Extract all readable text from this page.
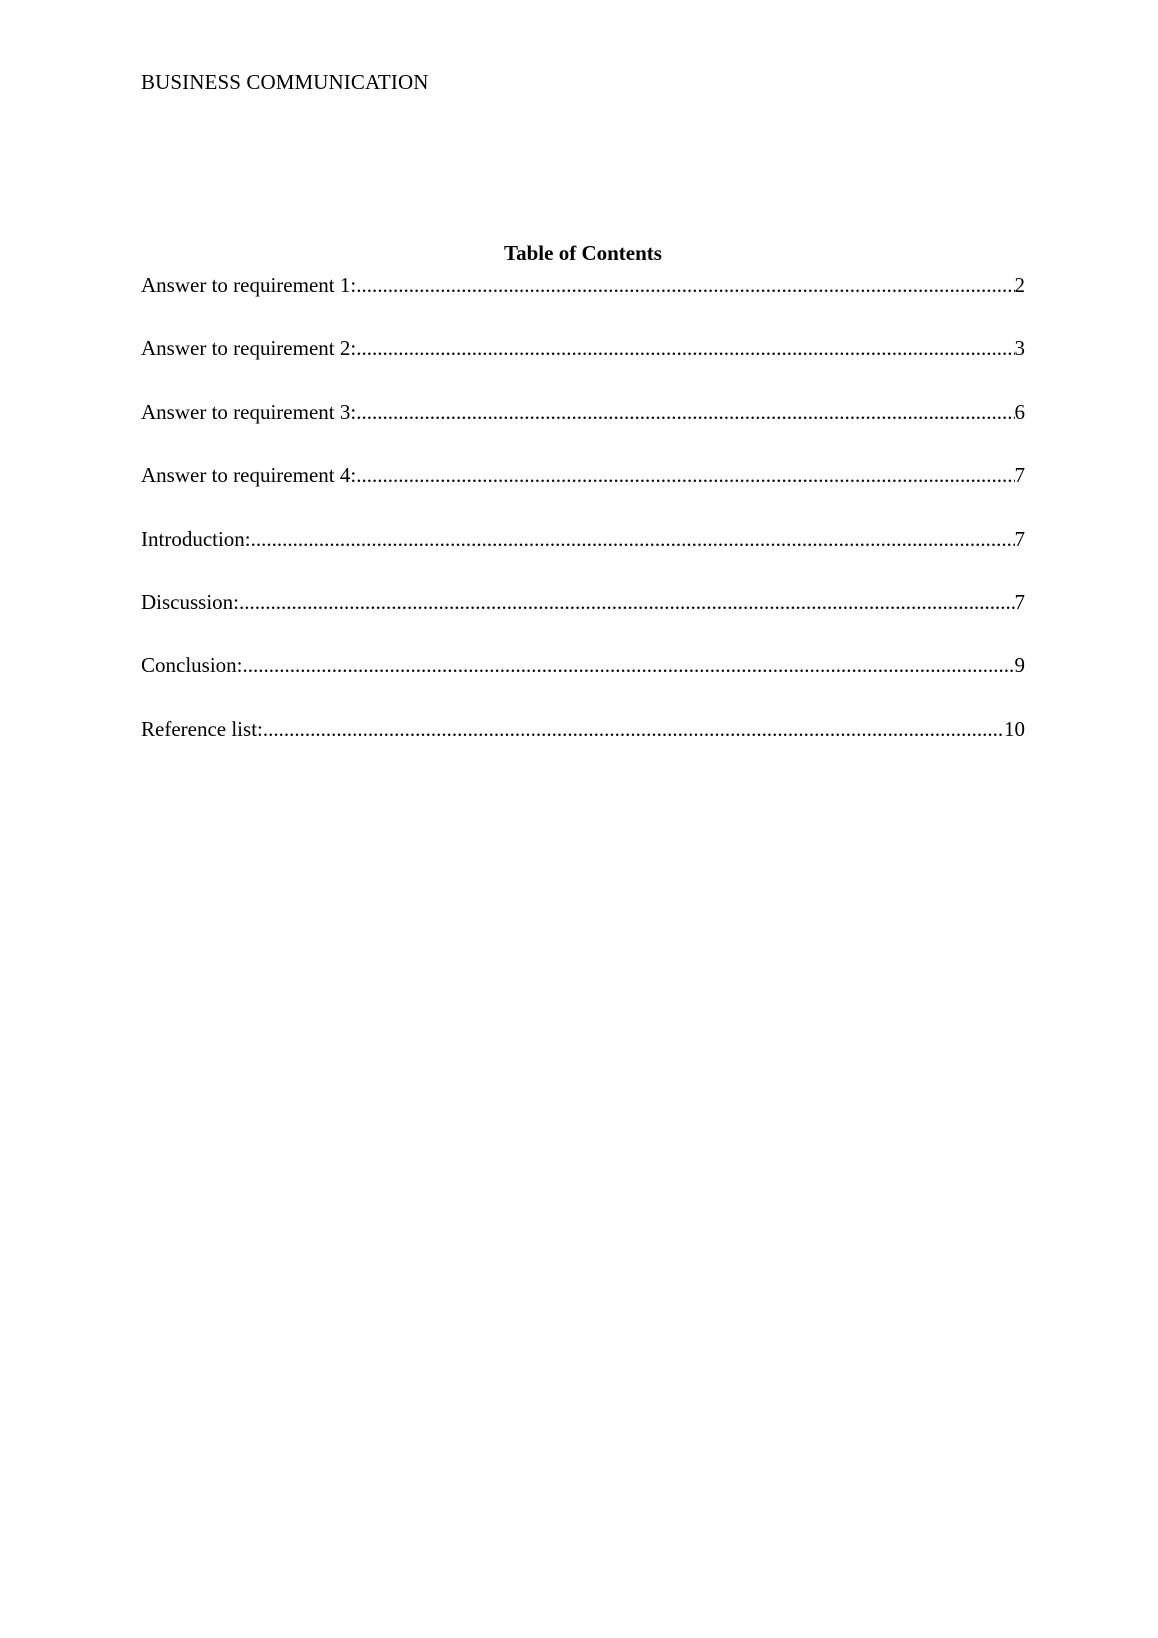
BUSINESS COMMUNICATION
Table of Contents
Answer to requirement 1: .....	2
Answer to requirement 2: .....	3
Answer to requirement 3: .....	6
Answer to requirement 4: .....	7
Introduction: .....	7
Discussion: .....	7
Conclusion: .....	9
Reference list: .....	10
